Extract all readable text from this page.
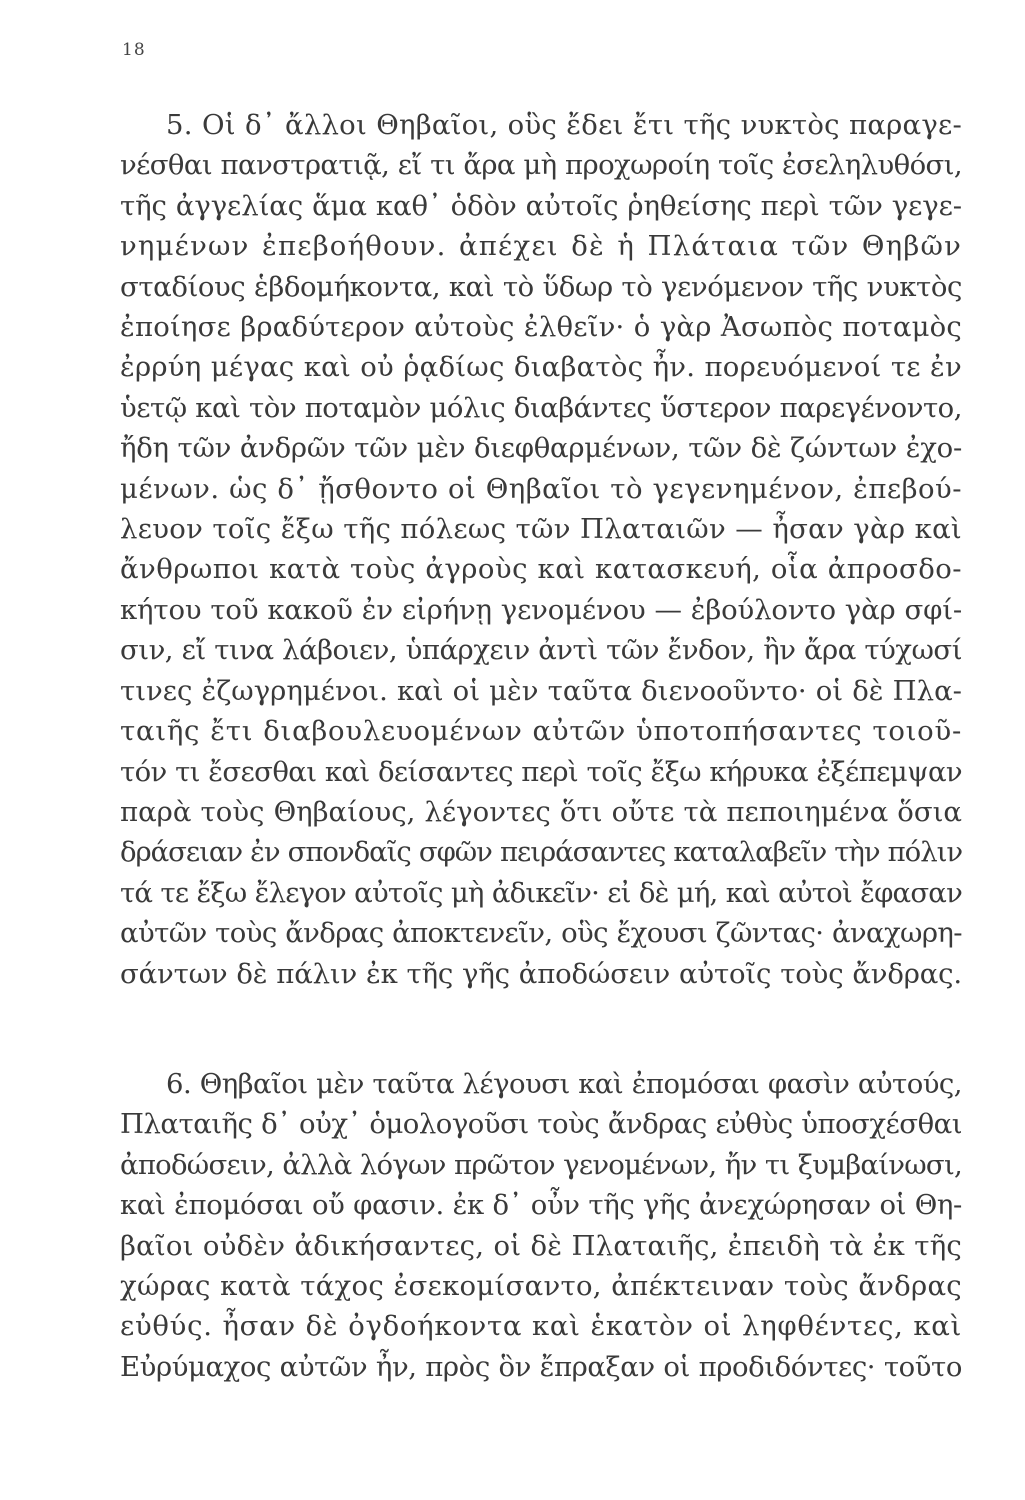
18
5. Οἱ δ᾽ ἄλλοι Θηβαῖοι, οὓς ἔδει ἔτι τῆς νυκτὸς παραγε-
νέσθαι πανστρατιᾷ, εἴ τι ἄρα μὴ προχωροίη τοῖς ἐσεληλυθόσι,
τῆς ἀγγελίας ἅμα καθ᾽ ὁδὸν αὐτοῖς ῥηθείσης περὶ τῶν γεγε-
νημένων ἐπεβοήθουν. ἀπέχει δὲ ἡ Πλάταια τῶν Θηβῶν
σταδίους ἑβδομήκοντα, καὶ τὸ ὕδωρ τὸ γενόμενον τῆς νυκτὸς
ἐποίησε βραδύτερον αὐτοὺς ἐλθεῖν· ὁ γὰρ Ἀσωπὸς ποταμὸς
ἐρρύη μέγας καὶ οὐ ῥᾳδίως διαβατὸς ἦν. πορευόμενοί τε ἐν
ὑετῷ καὶ τὸν ποταμὸν μόλις διαβάντες ὕστερον παρεγένοντο,
ἤδη τῶν ἀνδρῶν τῶν μὲν διεφθαρμένων, τῶν δὲ ζώντων ἐχο-
μένων. ὡς δ᾽ ᾔσθοντο οἱ Θηβαῖοι τὸ γεγενημένον, ἐπεβού-
λευον τοῖς ἔξω τῆς πόλεως τῶν Πλαταιῶν — ἦσαν γὰρ καὶ
ἄνθρωποι κατὰ τοὺς ἀγροὺς καὶ κατασκευή, οἷα ἀπροσδο-
κήτου τοῦ κακοῦ ἐν εἰρήνῃ γενομένου — ἐβούλοντο γὰρ σφί-
σιν, εἴ τινα λάβοιεν, ὑπάρχειν ἀντὶ τῶν ἔνδον, ἢν ἄρα τύχωσί
τινες ἐζωγρημένοι. καὶ οἱ μὲν ταῦτα διενοοῦντο· οἱ δὲ Πλα-
ταιῆς ἔτι διαβουλευομένων αὐτῶν ὑποτοπήσαντες τοιοῦ-
τόν τι ἔσεσθαι καὶ δείσαντες περὶ τοῖς ἔξω κήρυκα ἐξέπεμψαν
παρὰ τοὺς Θηβαίους, λέγοντες ὅτι οὔτε τὰ πεποιημένα ὅσια
δράσειαν ἐν σπονδαῖς σφῶν πειράσαντες καταλαβεῖν τὴν πόλιν
τά τε ἔξω ἔλεγον αὐτοῖς μὴ ἀδικεῖν· εἰ δὲ μή, καὶ αὐτοὶ ἔφασαν
αὐτῶν τοὺς ἄνδρας ἀποκτενεῖν, οὓς ἔχουσι ζῶντας· ἀναχωρη-
σάντων δὲ πάλιν ἐκ τῆς γῆς ἀποδώσειν αὐτοῖς τοὺς ἄνδρας.
6. Θηβαῖοι μὲν ταῦτα λέγουσι καὶ ἐπομόσαι φασὶν αὐτούς,
Πλαταιῆς δ᾽ οὐχ᾽ ὁμολογοῦσι τοὺς ἄνδρας εὐθὺς ὑποσχέσθαι
ἀποδώσειν, ἀλλὰ λόγων πρῶτον γενομένων, ἤν τι ξυμβαίνωσι,
καὶ ἐπομόσαι οὔ φασιν. ἐκ δ᾽ οὖν τῆς γῆς ἀνεχώρησαν οἱ Θη-
βαῖοι οὐδὲν ἀδικήσαντες, οἱ δὲ Πλαταιῆς, ἐπειδὴ τὰ ἐκ τῆς
χώρας κατὰ τάχος ἐσεκομίσαντο, ἀπέκτειναν τοὺς ἄνδρας
εὐθύς. ἦσαν δὲ ὀγδοήκοντα καὶ ἑκατὸν οἱ ληφθέντες, καὶ
Εὐρύμαχος αὐτῶν ἦν, πρὸς ὃν ἔπραξαν οἱ προδιδόντες· τοῦτο
